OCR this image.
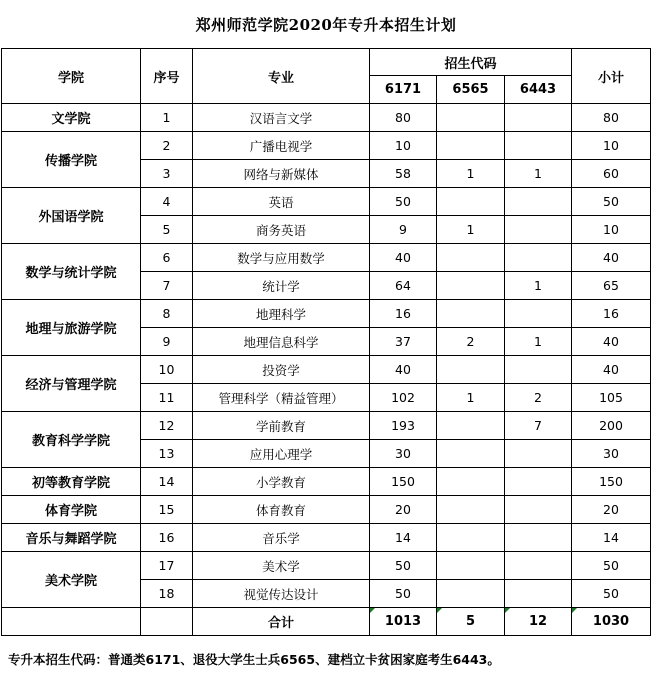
郑州师范学院2020年专升本招生计划
学院	序号	专业	招生代码			小计
			6171	6565	6443	
文学院	1	汉语言文学	80			80
传播学院	2	广播电视学	10			10
	3	网络与新媒体	58	1	1	60
外国语学院	4	英语	50			50
	5	商务英语	9	1		10
数学与统计学院	6	数学与应用数学	40			40
	7	统计学	64		1	65
地理与旅游学院	8	地理科学	16			16
	9	地理信息科学	37	2	1	40
经济与管理学院	10	投资学	40			40
	11	管理科学（精益管理）	102	1	2	105
教育科学学院	12	学前教育	193		7	200
	13	应用心理学	30			30
初等教育学院	14	小学教育	150			150
体育学院	15	体育教育	20			20
音乐与舞蹈学院	16	音乐学	14			14
美术学院	17	美术学	50			50
	18	视觉传达设计	50			50
		合计	1013	5	12	1030
专升本招生代码：普通类6171、退役大学生士兵6565、建档立卡贫困家庭考生6443。
